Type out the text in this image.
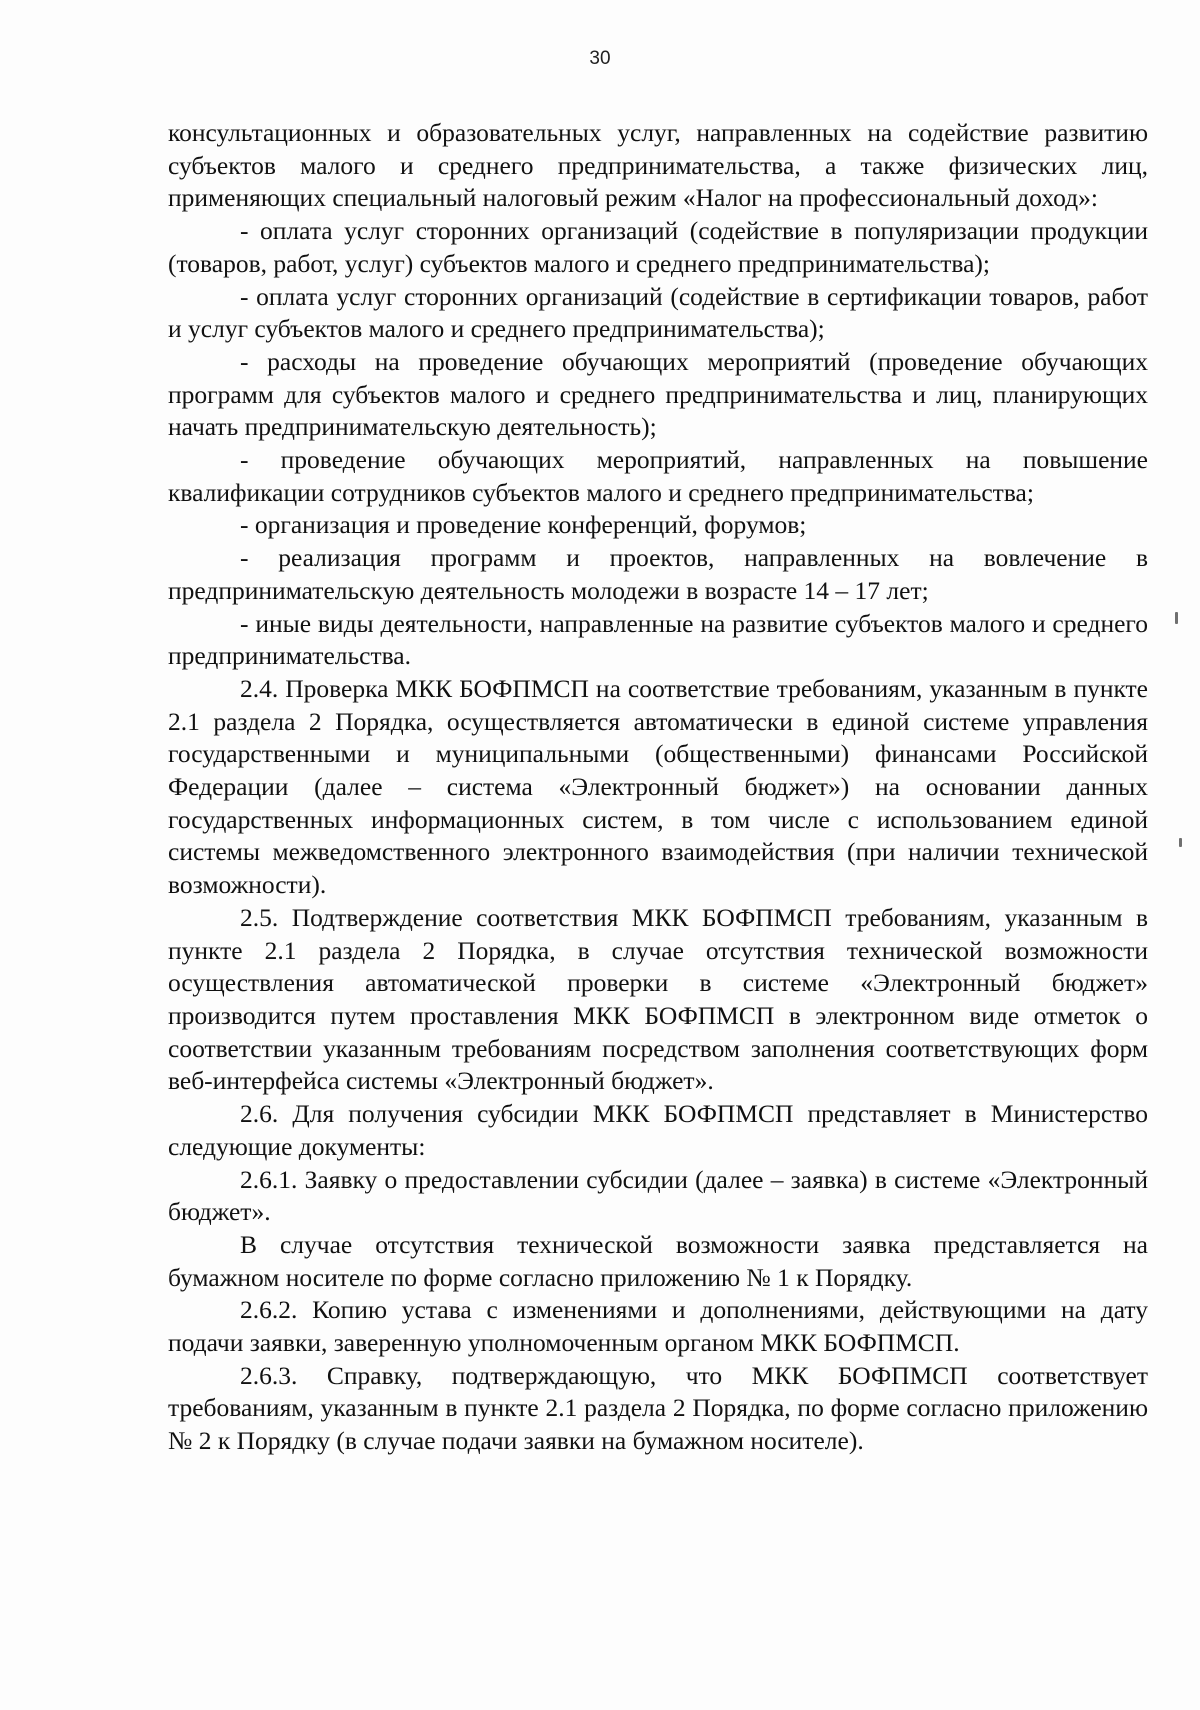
30

консультационных и образовательных услуг, направленных на содействие развитию субъектов малого и среднего предпринимательства, а также физических лиц, применяющих специальный налоговый режим «Налог на профессиональный доход»:

- оплата услуг сторонних организаций (содействие в популяризации продукции (товаров, работ, услуг) субъектов малого и среднего предпринимательства);

- оплата услуг сторонних организаций (содействие в сертификации товаров, работ и услуг субъектов малого и среднего предпринимательства);

- расходы на проведение обучающих мероприятий (проведение обучающих программ для субъектов малого и среднего предпринимательства и лиц, планирующих начать предпринимательскую деятельность);

- проведение обучающих мероприятий, направленных на повышение квалификации сотрудников субъектов малого и среднего предпринимательства;

- организация и проведение конференций, форумов;

- реализация программ и проектов, направленных на вовлечение в предпринимательскую деятельность молодежи в возрасте 14 – 17 лет;

- иные виды деятельности, направленные на развитие субъектов малого и среднего предпринимательства.

2.4. Проверка МКК БОФПМСП на соответствие требованиям, указанным в пункте 2.1 раздела 2 Порядка, осуществляется автоматически в единой системе управления государственными и муниципальными (общественными) финансами Российской Федерации (далее – система «Электронный бюджет») на основании данных государственных информационных систем, в том числе с использованием единой системы межведомственного электронного взаимодействия (при наличии технической возможности).

2.5. Подтверждение соответствия МКК БОФПМСП требованиям, указанным в пункте 2.1 раздела 2 Порядка, в случае отсутствия технической возможности осуществления автоматической проверки в системе «Электронный бюджет» производится путем проставления МКК БОФПМСП в электронном виде отметок о соответствии указанным требованиям посредством заполнения соответствующих форм веб-интерфейса системы «Электронный бюджет».

2.6. Для получения субсидии МКК БОФПМСП представляет в Министерство следующие документы:

2.6.1. Заявку о предоставлении субсидии (далее – заявка) в системе «Электронный бюджет».

В случае отсутствия технической возможности заявка представляется на бумажном носителе по форме согласно приложению № 1 к Порядку.

2.6.2. Копию устава с изменениями и дополнениями, действующими на дату подачи заявки, заверенную уполномоченным органом МКК БОФПМСП.

2.6.3. Справку, подтверждающую, что МКК БОФПМСП соответствует требованиям, указанным в пункте 2.1 раздела 2 Порядка, по форме согласно приложению № 2 к Порядку (в случае подачи заявки на бумажном носителе).
